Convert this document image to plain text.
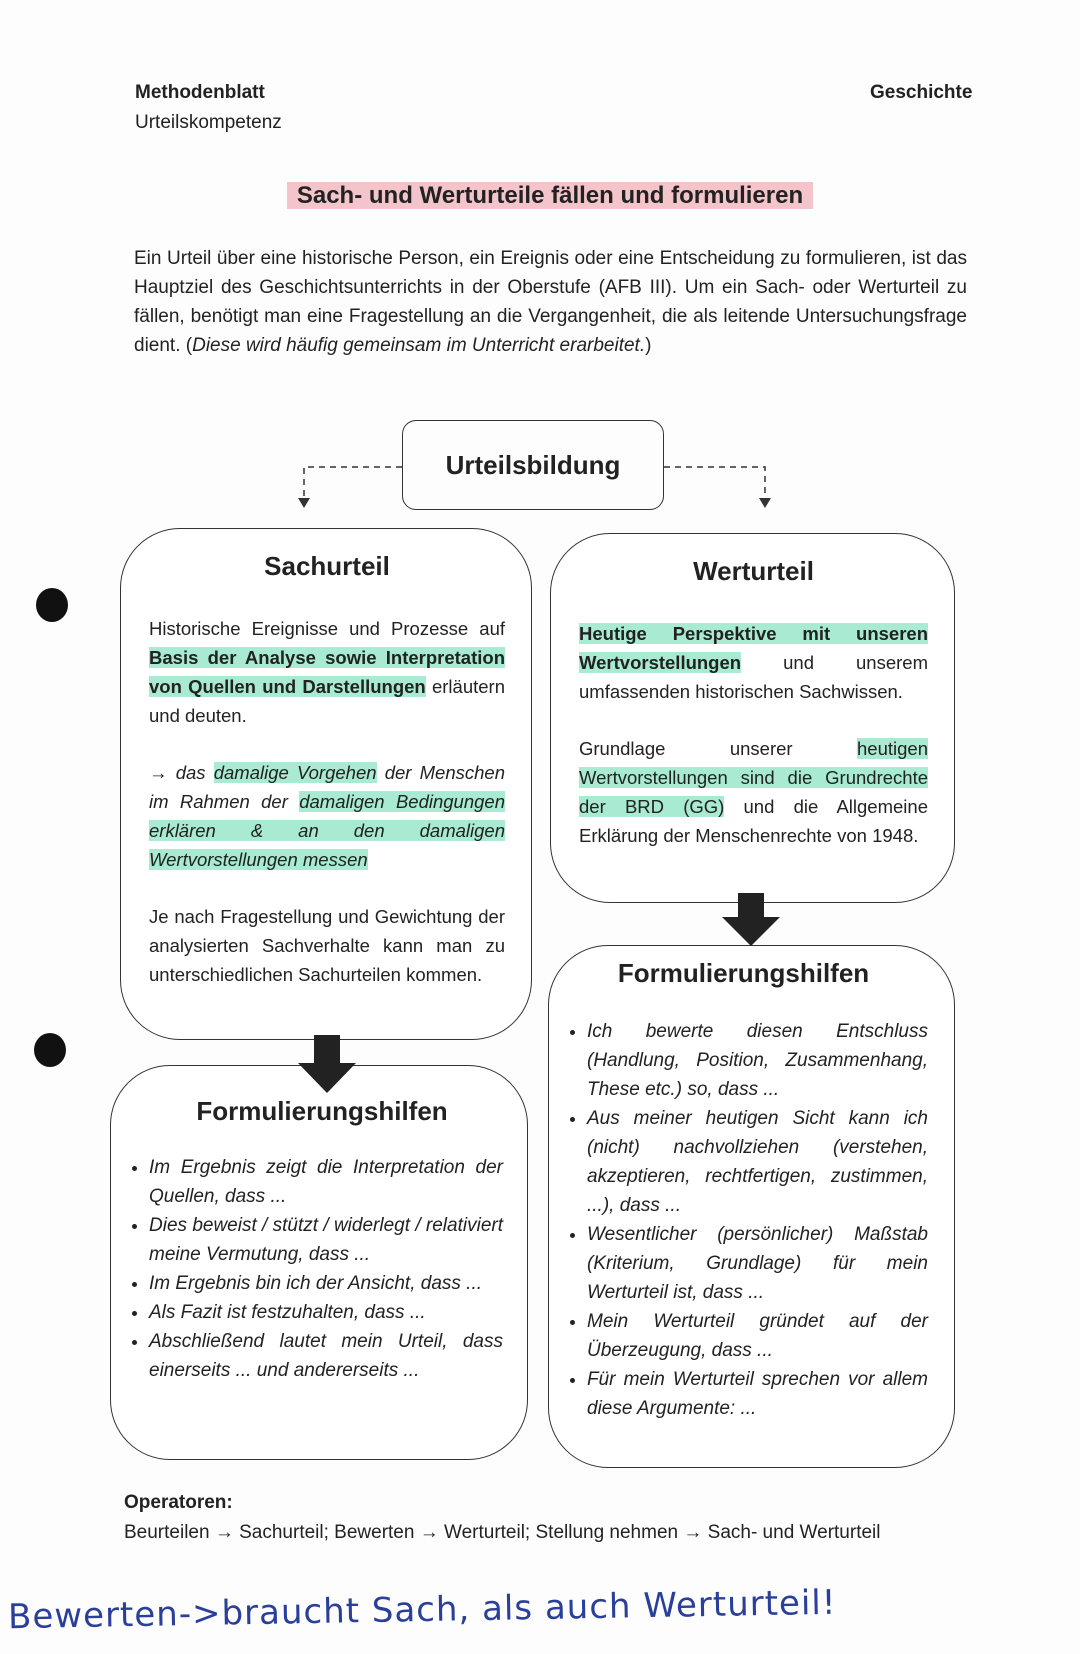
Methodenblatt
Urteilskompetenz
Geschichte
Sach- und Werturteile fällen und formulieren
Ein Urteil über eine historische Person, ein Ereignis oder eine Entscheidung zu formulieren, ist das Hauptziel des Geschichtsunterrichts in der Oberstufe (AFB III). Um ein Sach- oder Werturteil zu fällen, benötigt man eine Fragestellung an die Vergangenheit, die als leitende Untersuchungsfrage dient. (Diese wird häufig gemeinsam im Unterricht erarbeitet.)
Urteilsbildung
Sachurteil
Historische Ereignisse und Prozesse auf Basis der Analyse sowie Interpretation von Quellen und Darstellungen erläutern und deuten.
→ das damalige Vorgehen der Menschen im Rahmen der damaligen Bedingungen erklären & an den damaligen Wertvorstellungen messen
Je nach Fragestellung und Gewichtung der analysierten Sachverhalte kann man zu unterschiedlichen Sachurteilen kommen.
Werturteil
Heutige Perspektive mit unseren Wertvorstellungen und unserem umfassenden historischen Sachwissen.
Grundlage unserer heutigen Wertvorstellungen sind die Grundrechte der BRD (GG) und die Allgemeine Erklärung der Menschenrechte von 1948.
Formulierungshilfen
• Im Ergebnis zeigt die Interpretation der Quellen, dass ...
• Dies beweist / stützt / widerlegt / relativiert meine Vermutung, dass ...
• Im Ergebnis bin ich der Ansicht, dass ...
• Als Fazit ist festzuhalten, dass ...
• Abschließend lautet mein Urteil, dass einerseits ... und andererseits ...
Formulierungshilfen
• Ich bewerte diesen Entschluss (Handlung, Position, Zusammenhang, These etc.) so, dass ...
• Aus meiner heutigen Sicht kann ich (nicht) nachvollziehen (verstehen, akzeptieren, rechtfertigen, zustimmen, ...), dass ...
• Wesentlicher (persönlicher) Maßstab (Kriterium, Grundlage) für mein Werturteil ist, dass ...
• Mein Werturteil gründet auf der Überzeugung, dass ...
• Für mein Werturteil sprechen vor allem diese Argumente: ...
Operatoren:
Beurteilen → Sachurteil; Bewerten → Werturteil; Stellung nehmen → Sach- und Werturteil
Bewerten->braucht Sach, als auch Werturteil!
